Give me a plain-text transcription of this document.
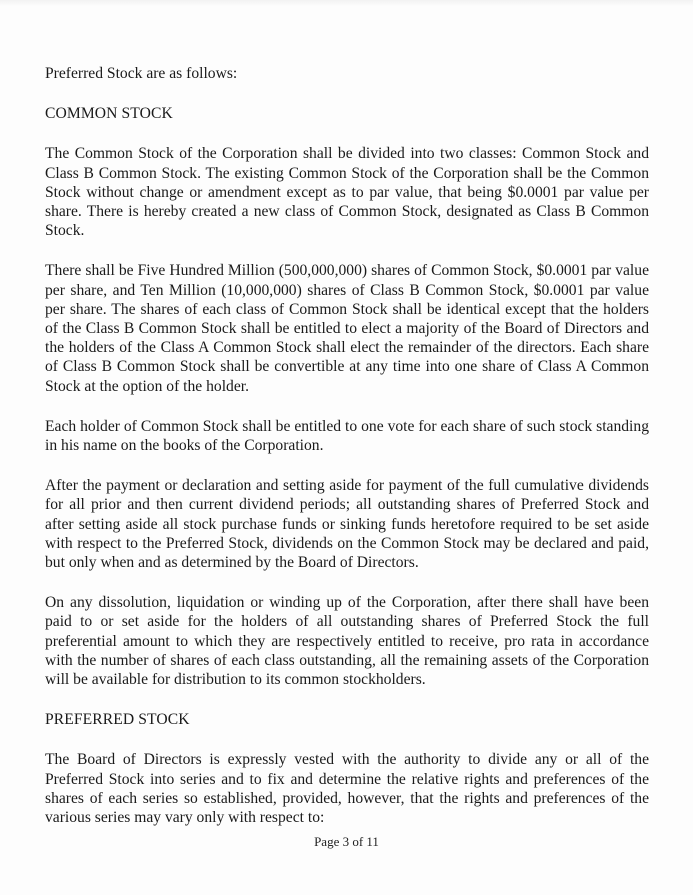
Preferred Stock are as follows:

COMMON STOCK

The Common Stock of the Corporation shall be divided into two classes: Common Stock and Class B Common Stock. The existing Common Stock of the Corporation shall be the Common Stock without change or amendment except as to par value, that being $0.0001 par value per share. There is hereby created a new class of Common Stock, designated as Class B Common Stock.

There shall be Five Hundred Million (500,000,000) shares of Common Stock, $0.0001 par value per share, and Ten Million (10,000,000) shares of Class B Common Stock, $0.0001 par value per share. The shares of each class of Common Stock shall be identical except that the holders of the Class B Common Stock shall be entitled to elect a majority of the Board of Directors and the holders of the Class A Common Stock shall elect the remainder of the directors. Each share of Class B Common Stock shall be convertible at any time into one share of Class A Common Stock at the option of the holder.

Each holder of Common Stock shall be entitled to one vote for each share of such stock standing in his name on the books of the Corporation.

After the payment or declaration and setting aside for payment of the full cumulative dividends for all prior and then current dividend periods; all outstanding shares of Preferred Stock and after setting aside all stock purchase funds or sinking funds heretofore required to be set aside with respect to the Preferred Stock, dividends on the Common Stock may be declared and paid, but only when and as determined by the Board of Directors.

On any dissolution, liquidation or winding up of the Corporation, after there shall have been paid to or set aside for the holders of all outstanding shares of Preferred Stock the full preferential amount to which they are respectively entitled to receive, pro rata in accordance with the number of shares of each class outstanding, all the remaining assets of the Corporation will be available for distribution to its common stockholders.

PREFERRED STOCK

The Board of Directors is expressly vested with the authority to divide any or all of the Preferred Stock into series and to fix and determine the relative rights and preferences of the shares of each series so established, provided, however, that the rights and preferences of the various series may vary only with respect to:

Page 3 of 11
